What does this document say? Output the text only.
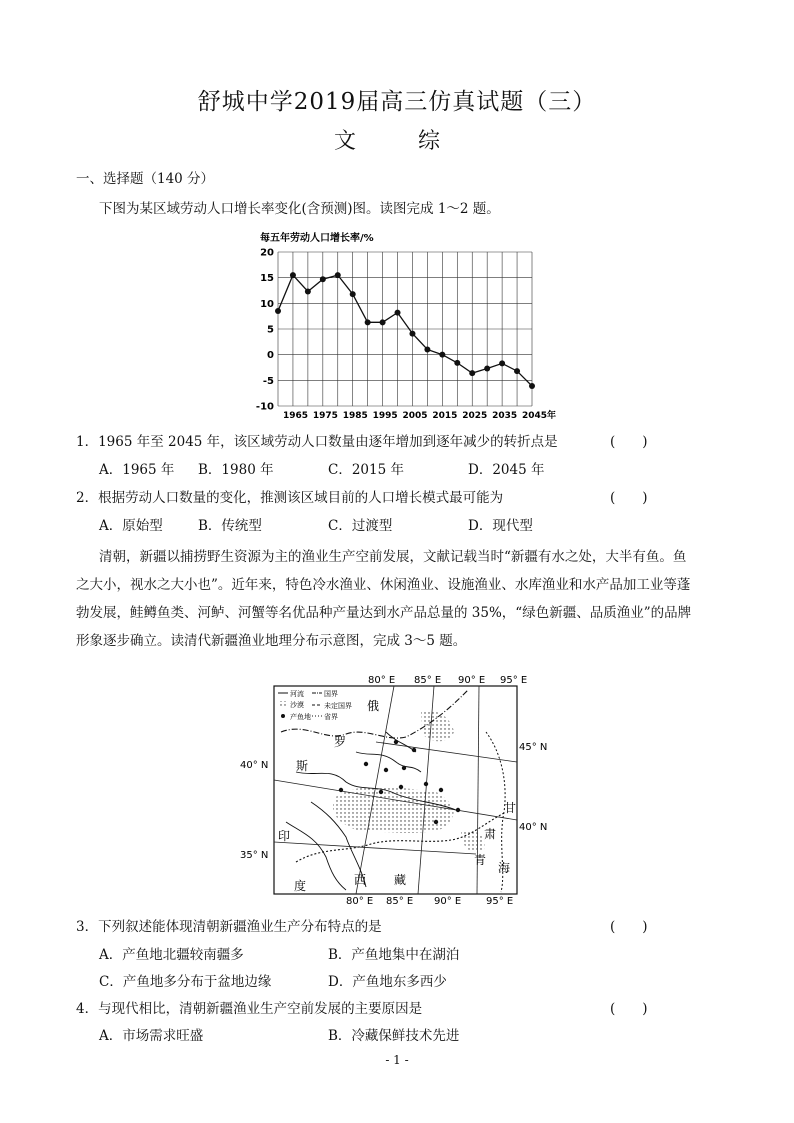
舒城中学2019届高三仿真试题（三）
文　综
一、选择题（140 分）
下图为某区域劳动人口增长率变化(含预测)图。读图完成 1～2 题。
每五年劳动人口增长率/%
20
15
10
5
0
-5
-10
1965 1975 1985 1995 2005 2015 2025 2035 2045年
1．1965 年至 2045 年，该区域劳动人口数量由逐年增加到逐年减少的转折点是	(　　)
A．1965 年 B．1980 年	C．2015 年	D．2045 年
2．根据劳动人口数量的变化，推测该区域目前的人口增长模式最可能为	(　　)
A．原始型	B．传统型	C．过渡型	D．现代型
清朝，新疆以捕捞野生资源为主的渔业生产空前发展，文献记载当时“新疆有水之处，大半有鱼。鱼
之大小，视水之大小也”。近年来，特色冷水渔业、休闲渔业、设施渔业、水库渔业和水产品加工业等蓬
勃发展，鲑鳟鱼类、河鲈、河蟹等名优品种产量达到水产品总量的 35%，“绿色新疆、品质渔业”的品牌
形象逐步确立。读清代新疆渔业地理分布示意图，完成 3～5 题。
河流
沙漠
产鱼地
国界
未定国界
省界
80° E 85° E 90° E 95° E
80° E 85° E 90° E 95° E
40° N
35° N
45° N
40° N
俄
罗
斯
印
度	西 藏
甘
肃
青
海
3．下列叙述能体现清朝新疆渔业生产分布特点的是	(　　)
A．产鱼地北疆较南疆多	B．产鱼地集中在湖泊
C．产鱼地多分布于盆地边缘	D．产鱼地东多西少
4．与现代相比，清朝新疆渔业生产空前发展的主要原因是	(　　)
A．市场需求旺盛	B．冷藏保鲜技术先进
- 1 -
